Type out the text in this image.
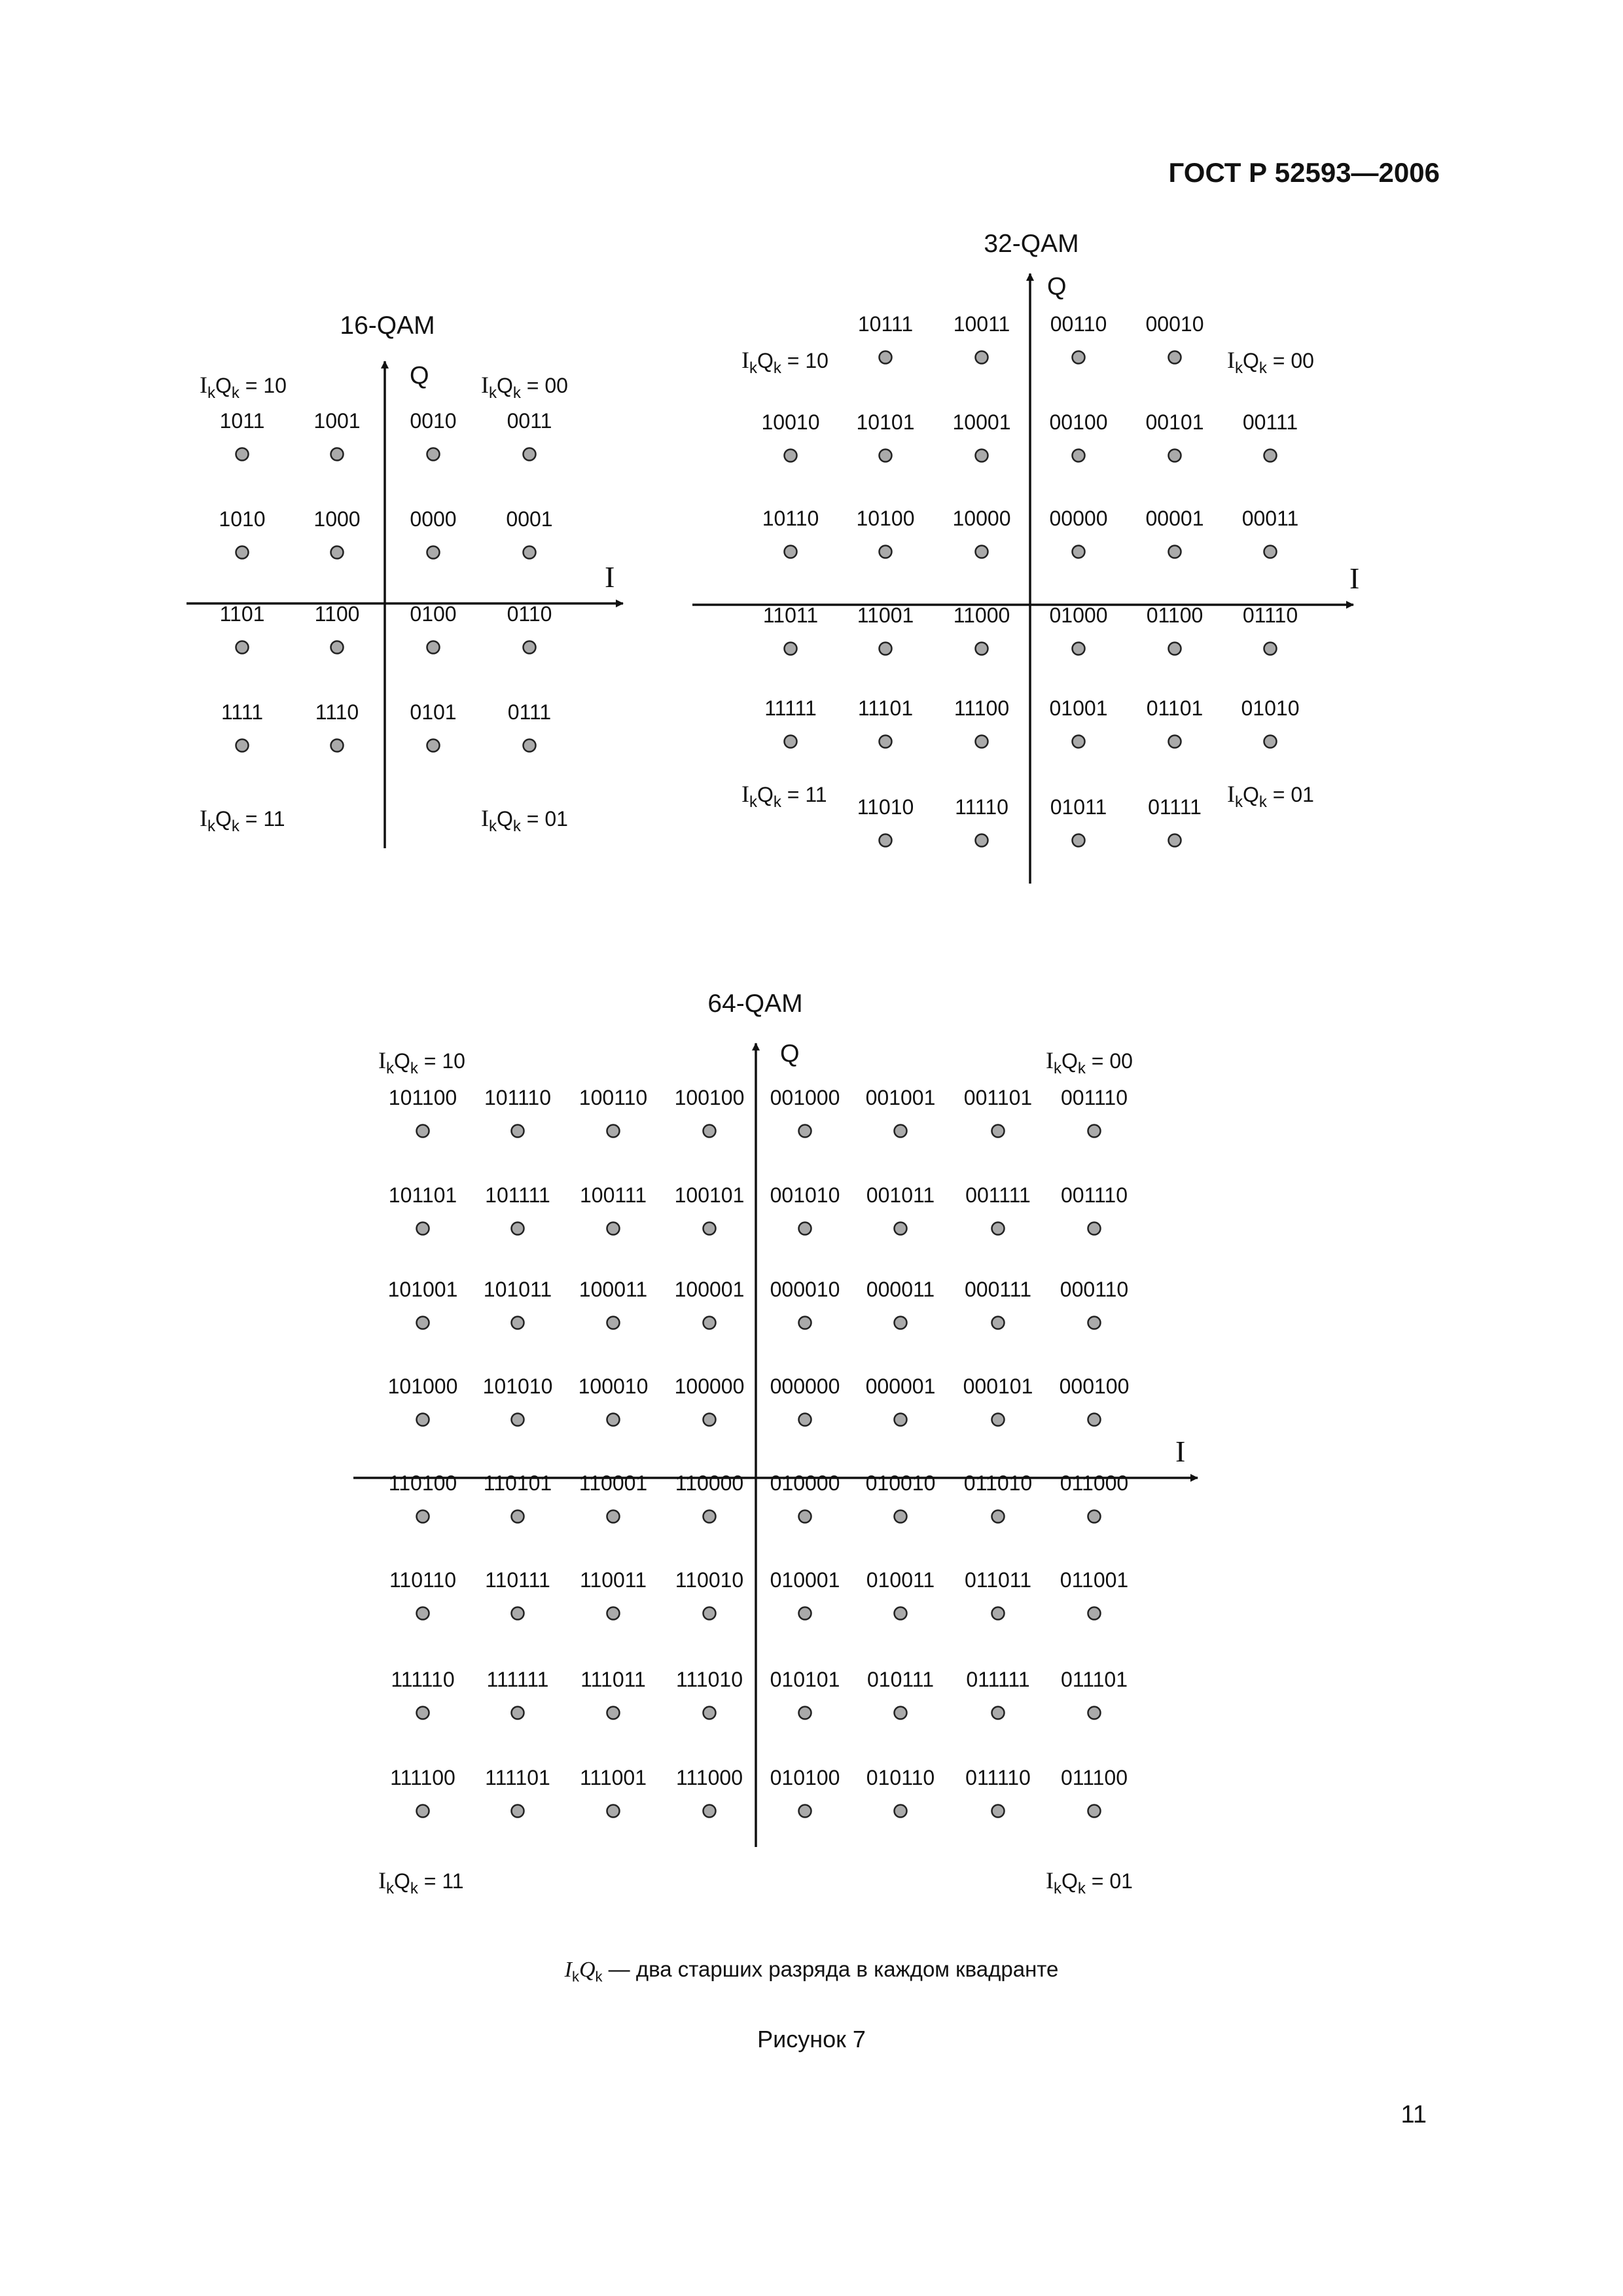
ГОСТ Р 52593—2006
16-QAM
Q
I
$I_kQ_k = 10$	$I_kQ_k = 00$
$I_kQ_k = 11$	$I_kQ_k = 01$
1011 1001 0010 0011
1010 1000 0000 0001
1101 1100 0100 0110
1111 1110 0101 0111
32-QAM
Q
I
$I_kQ_k = 10$	$I_kQ_k = 00$
$I_kQ_k = 11$	$I_kQ_k = 01$
10111 10011 00110 00010
10010 10101 10001 00100 00101 00111
10110 10100 10000 00000 00001 00011
11011 11001 11000 01000 01100 01110
11111 11101 11100 01001 01101 01010
11010 11110 01011 01111
64-QAM
Q
I
$I_kQ_k = 10$	$I_kQ_k = 00$
$I_kQ_k = 11$	$I_kQ_k = 01$
101100 101110 100110 100100 001000 001001 001101 001110
101101 101111 100111 100101 001010 001011 001111 001110
101001 101011 100011 100001 000010 000011 000111 000110
101000 101010 100010 100000 000000 000001 000101 000100
110100 110101 110001 110000 010000 010010 011010 011000
110110 110111 110011 110010 010001 010011 011011 011001
111110 111111 111011 111010 010101 010111 011111 011101
111100 111101 111001 111000 010100 010110 011110 011100
$I_kQ_k$ — два старших разряда в каждом квадранте
Рисунок 7
11
